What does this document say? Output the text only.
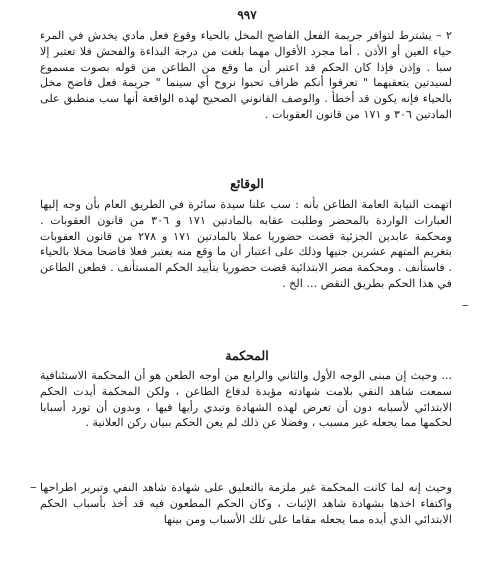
٩٩٧
٢ – يشترط لتوافر جريمة الفعل الفاضح المخل بالحياء وقوع فعل مادي يخدش في المرء حياء العين أو الأذن . أما مجرد الأقوال مهما بلغت من درجة البذاءة والفحش فلا تعتبر إلا سبا . وإذن فإذا كان الحكم قد اعتبر أن ما وقع من الطاعن من قوله بصوت مسموع لسيدتين يتعقبهما " تعرفوا أنكم ظراف تحبوا نروح أي سينما " جريمة فعل فاضح مخل بالحياء فإنه يكون قد أخطأ . والوصف القانوني الصحيح لهذه الواقعة أنها سب منطبق على المادتين ٣٠٦ و ١٧١ من قانون العقوبات .
الوقائع
اتهمت النيابة العامة الطاعن بأنه : سب علنا سيدة سائرة في الطريق العام بأن وجه إليها العبارات الواردة بالمحضر وطلبت عقابه بالمادتين ١٧١ و ٣٠٦ من قانون العقوبات . ومحكمة عابدين الجزئية قضت حضوريا عملا بالمادتين ١٧١ و ٢٧٨ من قانون العقوبات بتغريم المتهم عشرين جنيها وذلك على اعتبار أن ما وقع منه يعتبر فعلا فاضحا مخلا بالحياء . فاستأنف . ومحكمة مصر الابتدائية قضت حضوريا بتأييد الحكم المستأنف . فطعن الطاعن في هذا الحكم بطريق النقض ... الخ .
المحكمة
... وحيث إن مبنى الوجه الأول والثاني والرابع من أوجه الطعن هو أن المحكمة الاستئنافية سمعت شاهد النفي بلامت شهادته مؤيدة لدفاع الطاعن ، ولكن المحكمة أيدت الحكم الابتدائي لأسبابه دون أن تعرض لهذه الشهادة وتبدي رأيها فيها ، وبدون أن تورد أسبابا لحكمها مما يجعله غير مسبب ، وفضلا عن ذلك لم يعن الحكم ببيان ركن العلانية .
وحيث إنه لما كانت المحكمة غير ملزمة بالتعليق على شهادة شاهد النفي وتبرير اطراحها واكتفاء اخذها بشهادة شاهد الإثبات ، وكان الحكم المطعون فيه قد أخذ بأسباب الحكم الابتدائي الذي أيده مما يجعله مقاما على تلك الأسباب ومن بينها
–
–
